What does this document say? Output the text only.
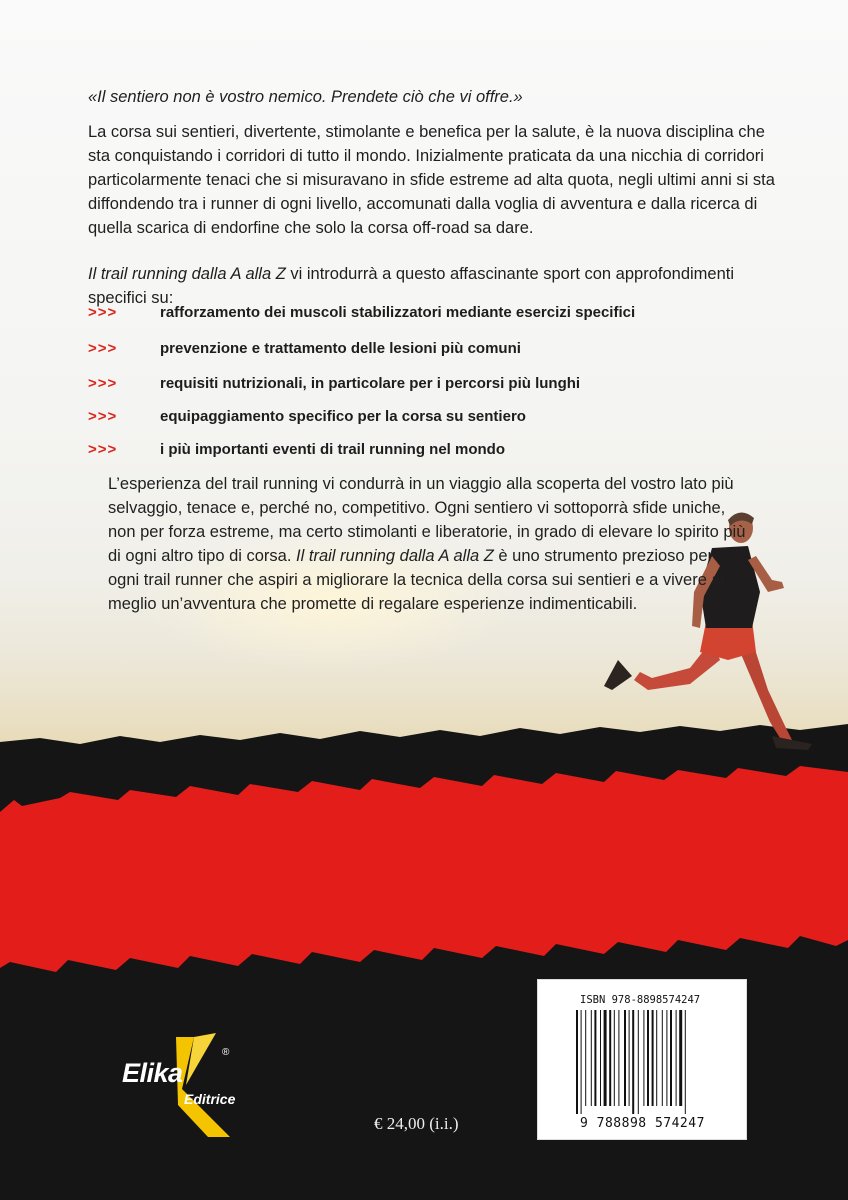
«Il sentiero non è vostro nemico. Prendete ciò che vi offre.»
La corsa sui sentieri, divertente, stimolante e benefica per la salute, è la nuova disciplina che sta conquistando i corridori di tutto il mondo. Inizialmente praticata da una nicchia di corridori particolarmente tenaci che si misuravano in sfide estreme ad alta quota, negli ultimi anni si sta diffondendo tra i runner di ogni livello, accomunati dalla voglia di avventura e dalla ricerca di quella scarica di endorfine che solo la corsa off-road sa dare.
Il trail running dalla A alla Z vi introdurrà a questo affascinante sport con approfondimenti specifici su:
>>>	rafforzamento dei muscoli stabilizzatori mediante esercizi specifici
>>>	prevenzione e trattamento delle lesioni più comuni
>>>	requisiti nutrizionali, in particolare per i percorsi più lunghi
>>>	equipaggiamento specifico per la corsa su sentiero
>>>	i più importanti eventi di trail running nel mondo
L’esperienza del trail running vi condurrà in un viaggio alla scoperta del vostro lato più selvaggio, tenace e, perché no, competitivo. Ogni sentiero vi sottoporrà sfide uniche, non per forza estreme, ma certo stimolanti e liberatorie, in grado di elevare lo spirito più di ogni altro tipo di corsa. Il trail running dalla A alla Z è uno strumento prezioso per ogni trail runner che aspiri a migliorare la tecnica della corsa sui sentieri e a vivere al meglio un’avventura che promette di regalare esperienze indimenticabili.
Elika
®
Editrice
€ 24,00 (i.i.)
ISBN 978-8898574247
9 788898 574247
